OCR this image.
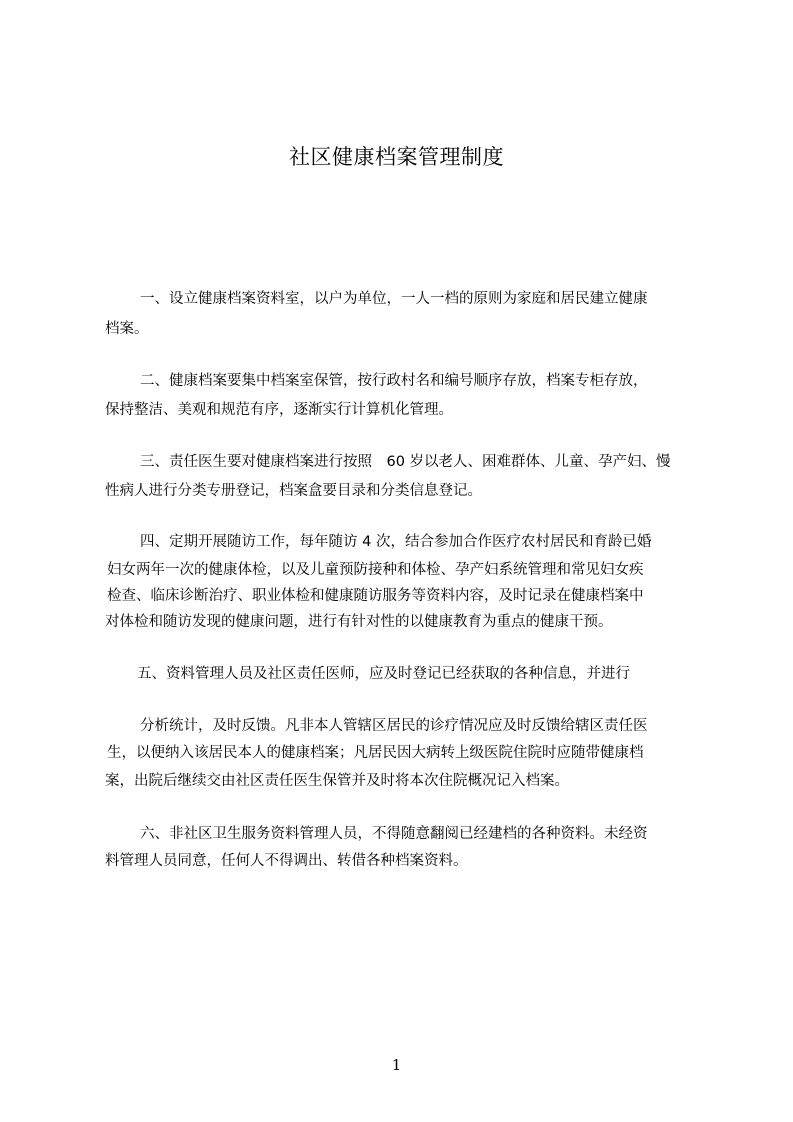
社区健康档案管理制度
一、设立健康档案资料室，以户为单位，一人一档的原则为家庭和居民建立健康
档案。
二、健康档案要集中档案室保管，按行政村名和编号顺序存放，档案专柜存放，
保持整洁、美观和规范有序，逐渐实行计算机化管理。
三、责任医生要对健康档案进行按照　60 岁以老人、困难群体、儿童、孕产妇、慢
性病人进行分类专册登记，档案盒要目录和分类信息登记。
四、定期开展随访工作，每年随访 4 次，结合参加合作医疗农村居民和育龄已婚
妇女两年一次的健康体检，以及儿童预防接种和体检、孕产妇系统管理和常见妇女疾
检查、临床诊断治疗、职业体检和健康随访服务等资料内容，及时记录在健康档案中
对体检和随访发现的健康问题，进行有针对性的以健康教育为重点的健康干预。
五、资料管理人员及社区责任医师，应及时登记已经获取的各种信息，并进行
分析统计，及时反馈。凡非本人管辖区居民的诊疗情况应及时反馈给辖区责任医
生，以便纳入该居民本人的健康档案；凡居民因大病转上级医院住院时应随带健康档
案，出院后继续交由社区责任医生保管并及时将本次住院概况记入档案。
六、非社区卫生服务资料管理人员，不得随意翻阅已经建档的各种资料。未经资
料管理人员同意，任何人不得调出、转借各种档案资料。
1
